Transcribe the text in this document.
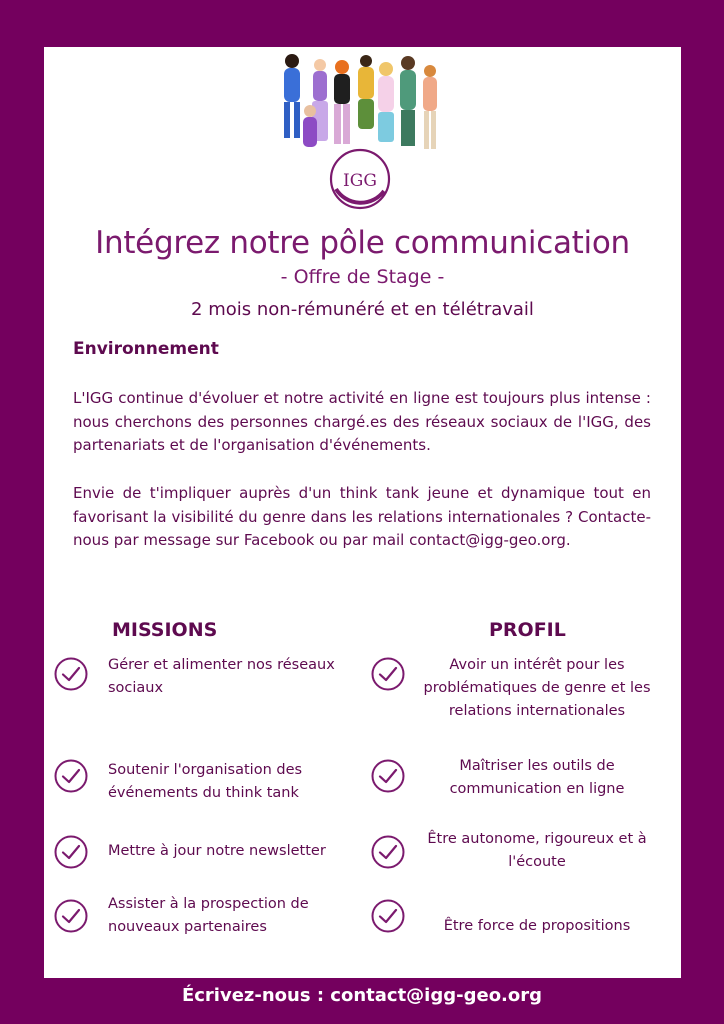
IGG
Intégrez notre pôle communication
- Offre de Stage -
2 mois non-rémunéré et en télétravail
Environnement
L'IGG continue d'évoluer et notre activité en ligne est toujours plus intense : nous cherchons des personnes chargé.es des réseaux sociaux de l'IGG, des partenariats et de l'organisation d'événements.
Envie de t'impliquer auprès d'un think tank jeune et dynamique tout en favorisant la visibilité du genre dans les relations internationales ? Contacte-nous par message sur Facebook ou par mail contact@igg-geo.org.
MISSIONS	PROFIL
Gérer et alimenter nos réseaux sociaux
Soutenir l'organisation des événements du think tank
Mettre à jour notre newsletter
Assister à la prospection de nouveaux partenaires
Avoir un intérêt pour les problématiques de genre et les relations internationales
Maîtriser les outils de communication en ligne
Être autonome, rigoureux et à l'écoute
Être force de propositions
Écrivez-nous : contact@igg-geo.org
